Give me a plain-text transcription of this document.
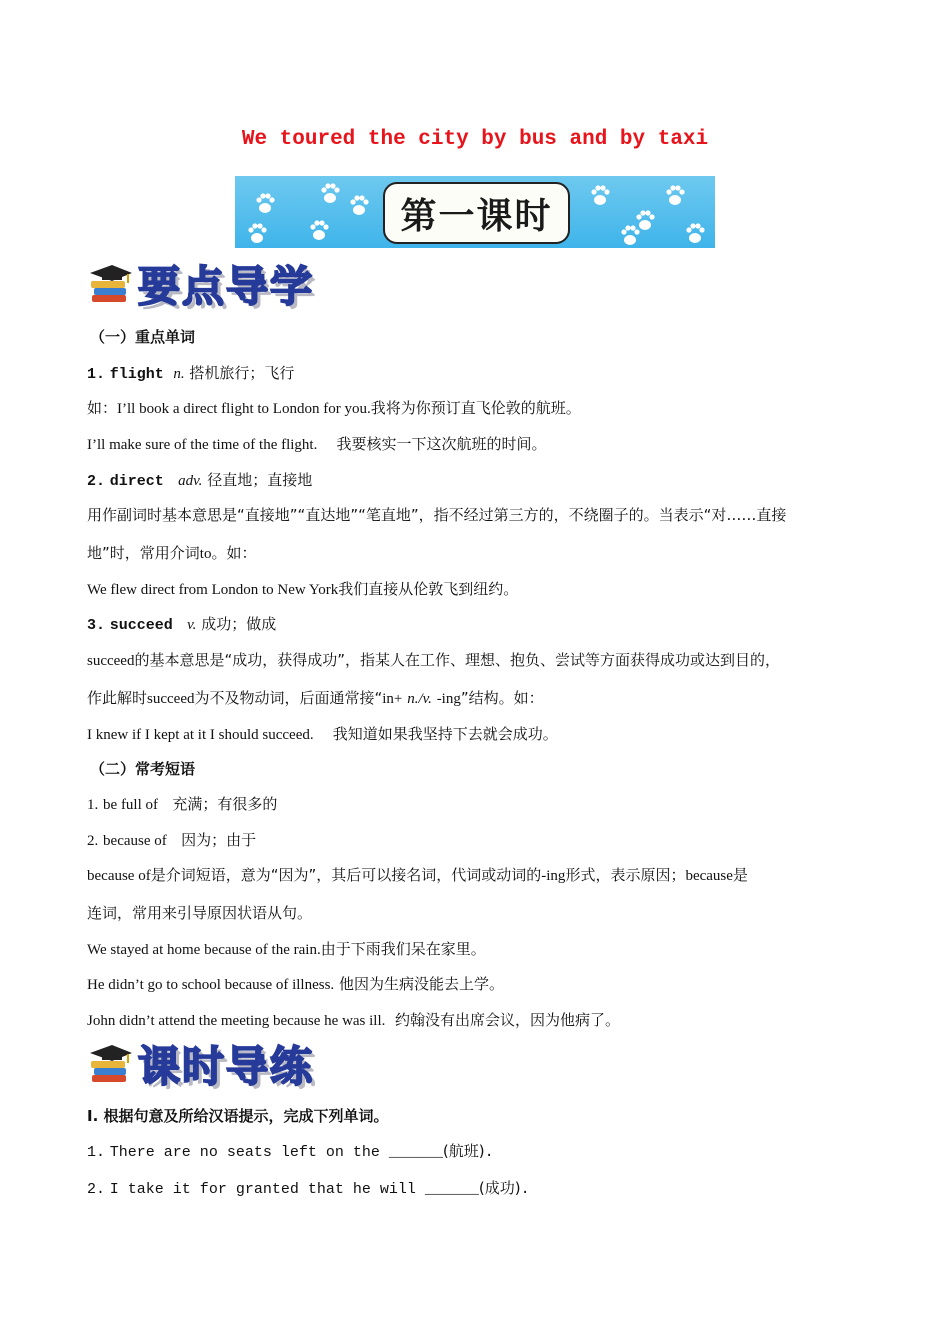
We toured the city by bus and by taxi
第一课时
要点导学
（一）重点单词
1. flight n. 搭机旅行；飞行
如：I’ll book a direct flight to London for you.我将为你预订直飞伦敦的航班。
I’ll make sure of the time of the flight. 我要核实一下这次航班的时间。
2. direct adv. 径直地；直接地
用作副词时基本意思是“直接地”“直达地”“笔直地”，指不经过第三方的，不绕圈子的。当表示“对……直接
地”时，常用介词to。如：
We flew direct from London to New York我们直接从伦敦飞到纽约。
3. succeed v. 成功；做成
succeed的基本意思是“成功，获得成功”，指某人在工作、理想、抱负、尝试等方面获得成功或达到目的，
作此解时succeed为不及物动词，后面通常接“in+ n./v. -ing”结构。如：
I knew if I kept at it I should succeed. 我知道如果我坚持下去就会成功。
（二）常考短语
1. be full of 充满；有很多的
2. because of 因为；由于
because of是介词短语，意为“因为”，其后可以接名词，代词或动词的-ing形式，表示原因；because是
连词，常用来引导原因状语从句。
We stayed at home because of the rain.由于下雨我们呆在家里。
He didn’t go to school because of illness. 他因为生病没能去上学。
John didn’t attend the meeting because he was ill. 约翰没有出席会议，因为他病了。
课时导练
I. 根据句意及所给汉语提示，完成下列单词。
1. There are no seats left on the ______(航班).
2. I take it for granted that he will ______(成功).
